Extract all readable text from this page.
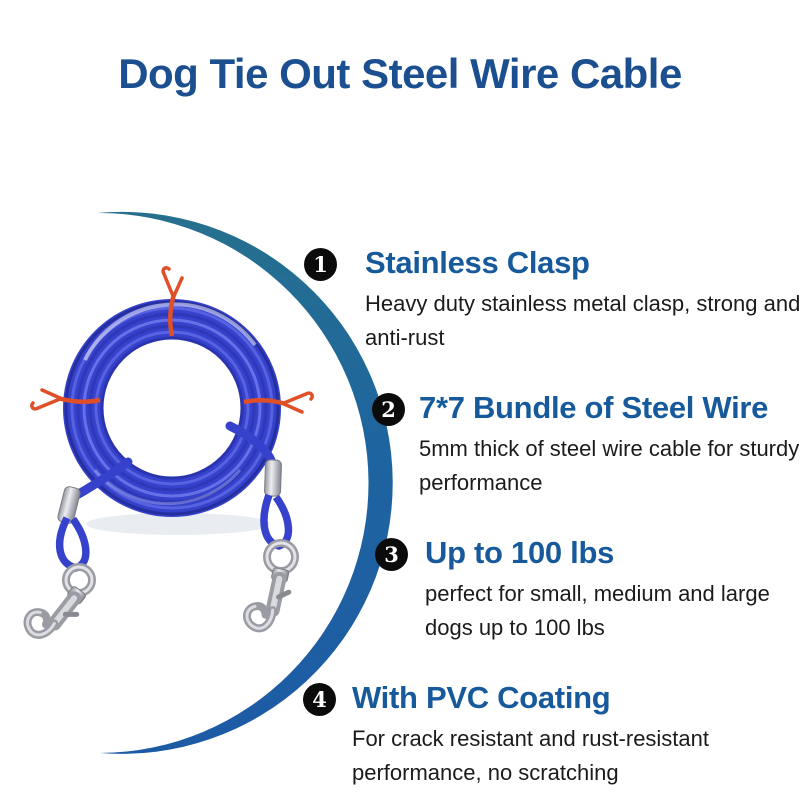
Dog Tie Out Steel Wire Cable
1 Stainless Clasp

Heavy duty stainless metal clasp, strong and

anti-rust

2 7*7 Bundle of Steel Wire

5mm thick of steel wire cable for sturdy

performance

3 Up to 100 lbs

perfect for small, medium and large

dogs up to 100 lbs

4 With PVC Coating

For crack resistant and rust-resistant

performance, no scratching
